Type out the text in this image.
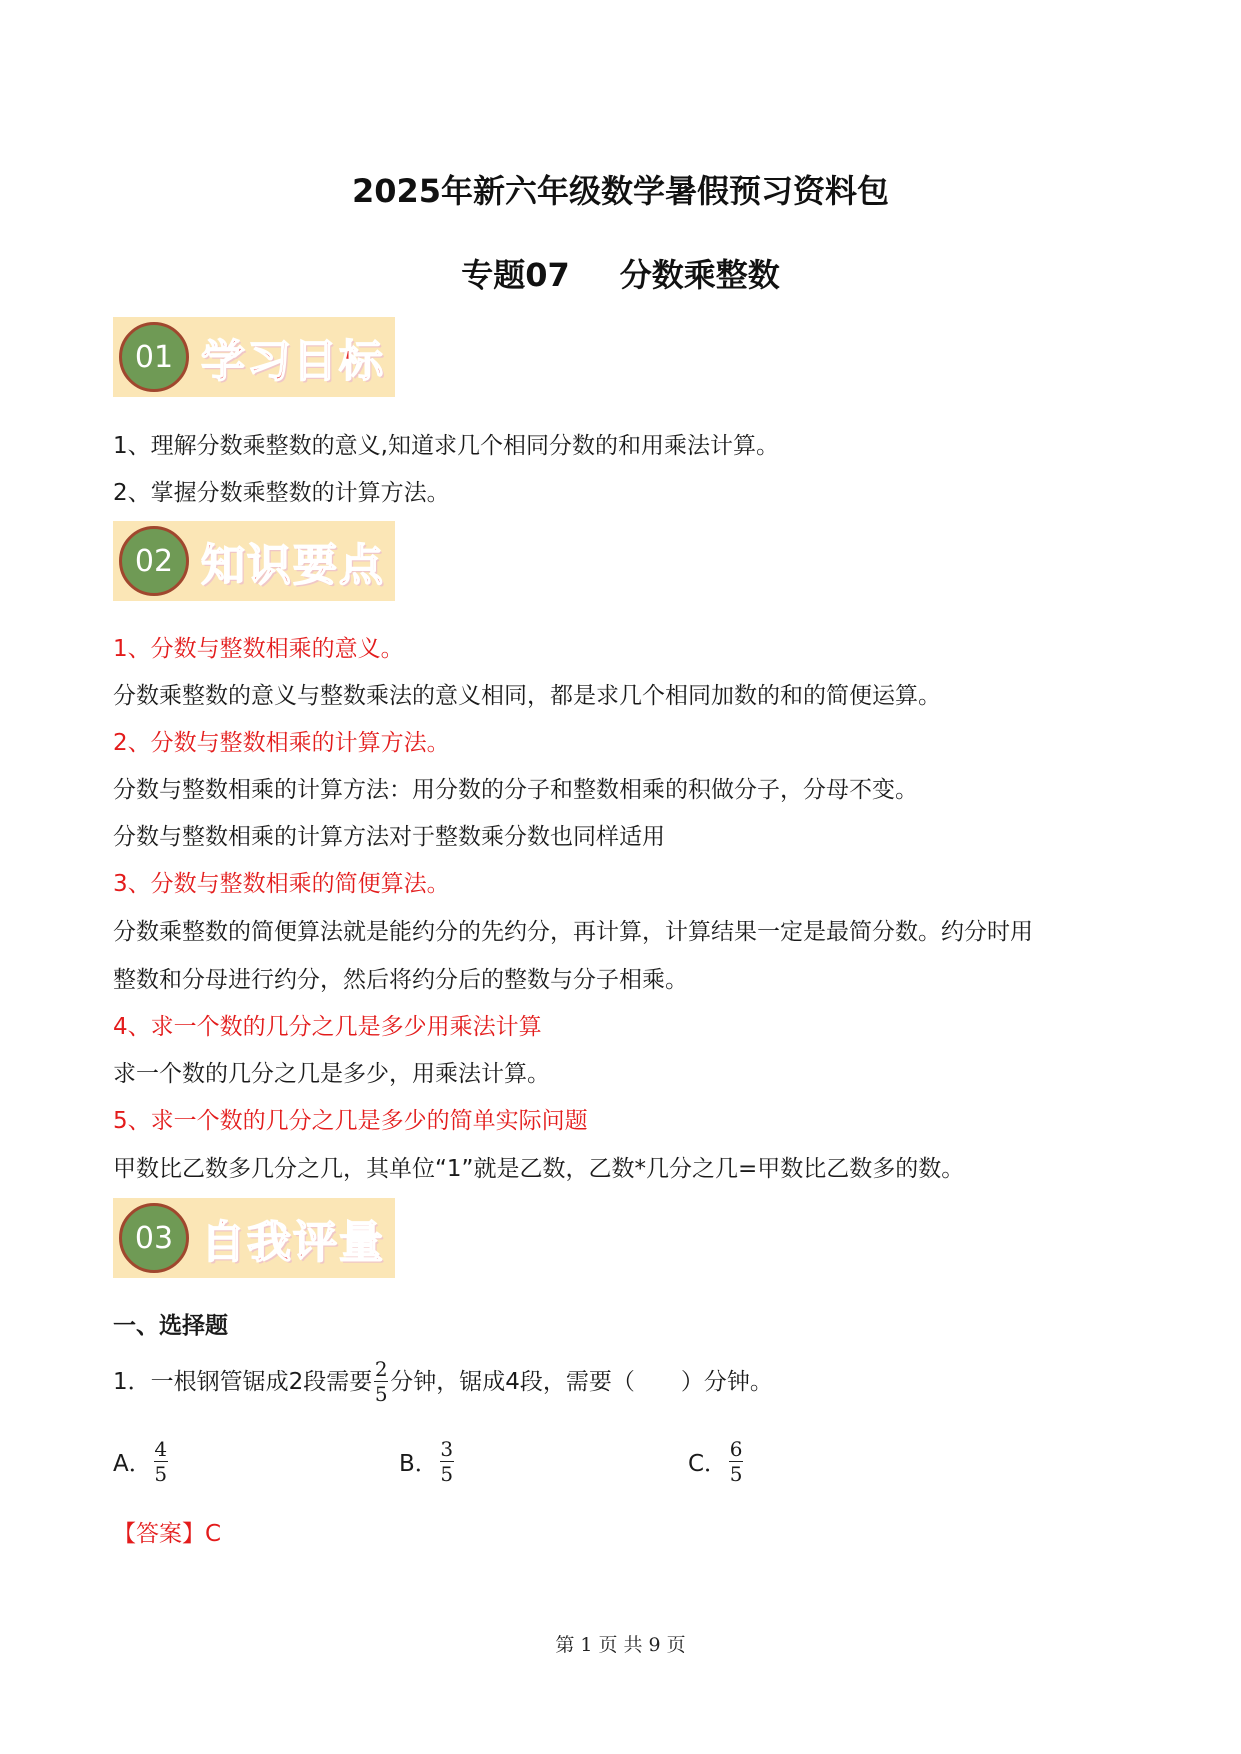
2025年新六年级数学暑假预习资料包
专题07 分数乘整数
01 学习目标
1、理解分数乘整数的意义,知道求几个相同分数的和用乘法计算。
2、掌握分数乘整数的计算方法。
02 知识要点
1、分数与整数相乘的意义。
分数乘整数的意义与整数乘法的意义相同，都是求几个相同加数的和的简便运算。
2、分数与整数相乘的计算方法。
分数与整数相乘的计算方法：用分数的分子和整数相乘的积做分子，分母不变。
分数与整数相乘的计算方法对于整数乘分数也同样适用
3、分数与整数相乘的简便算法。
分数乘整数的简便算法就是能约分的先约分，再计算，计算结果一定是最简分数。约分时用
整数和分母进行约分，然后将约分后的整数与分子相乘。
4、求一个数的几分之几是多少用乘法计算
求一个数的几分之几是多少，用乘法计算。
5、求一个数的几分之几是多少的简单实际问题
甲数比乙数多几分之几，其单位“1”就是乙数，乙数*几分之几=甲数比乙数多的数。
03 自我评量
一、选择题
1．一根钢管锯成2段需要 $\frac{2}{5}$ 分钟，锯成4段，需要（　　）分钟。
A． $\frac{4}{5}$	B． $\frac{3}{5}$	C． $\frac{6}{5}$
【答案】C
第 1 页 共 9 页
